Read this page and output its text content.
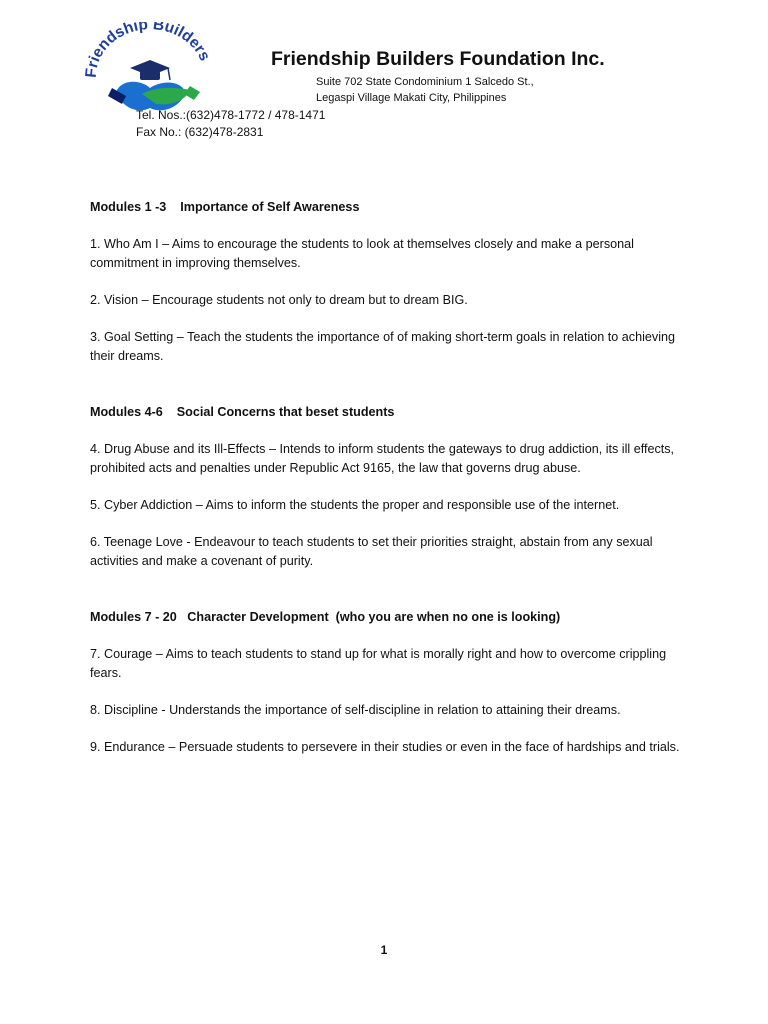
Friendship Builders	Friendship Builders Foundation Inc.
Suite 702 State Condominium 1 Salcedo St.,
Legaspi Village Makati City, Philippines
Tel. Nos.:(632)478-1772 / 478-1471
Fax No.: (632)478-2831
Modules 1 -3    Importance of Self Awareness

1. Who Am I – Aims to encourage the students to look at themselves closely and make a personal commitment in improving themselves.

2. Vision – Encourage students not only to dream but to dream BIG.

3. Goal Setting – Teach the students the importance of of making short-term goals in relation to achieving their dreams.

Modules 4-6    Social Concerns that beset students

4. Drug Abuse and its Ill-Effects – Intends to inform students the gateways to drug addiction, its ill effects, prohibited acts and penalties under Republic Act 9165, the law that governs drug abuse.

5. Cyber Addiction – Aims to inform the students the proper and responsible use of the internet.

6. Teenage Love - Endeavour to teach students to set their priorities straight, abstain from any sexual activities and make a covenant of purity.

Modules 7 - 20   Character Development  (who you are when no one is looking)

7. Courage – Aims to teach students to stand up for what is morally right and how to overcome crippling fears.

8. Discipline - Understands the importance of self-discipline in relation to attaining their dreams.

9. Endurance – Persuade students to persevere in their studies or even in the face of hardships and trials.

1
